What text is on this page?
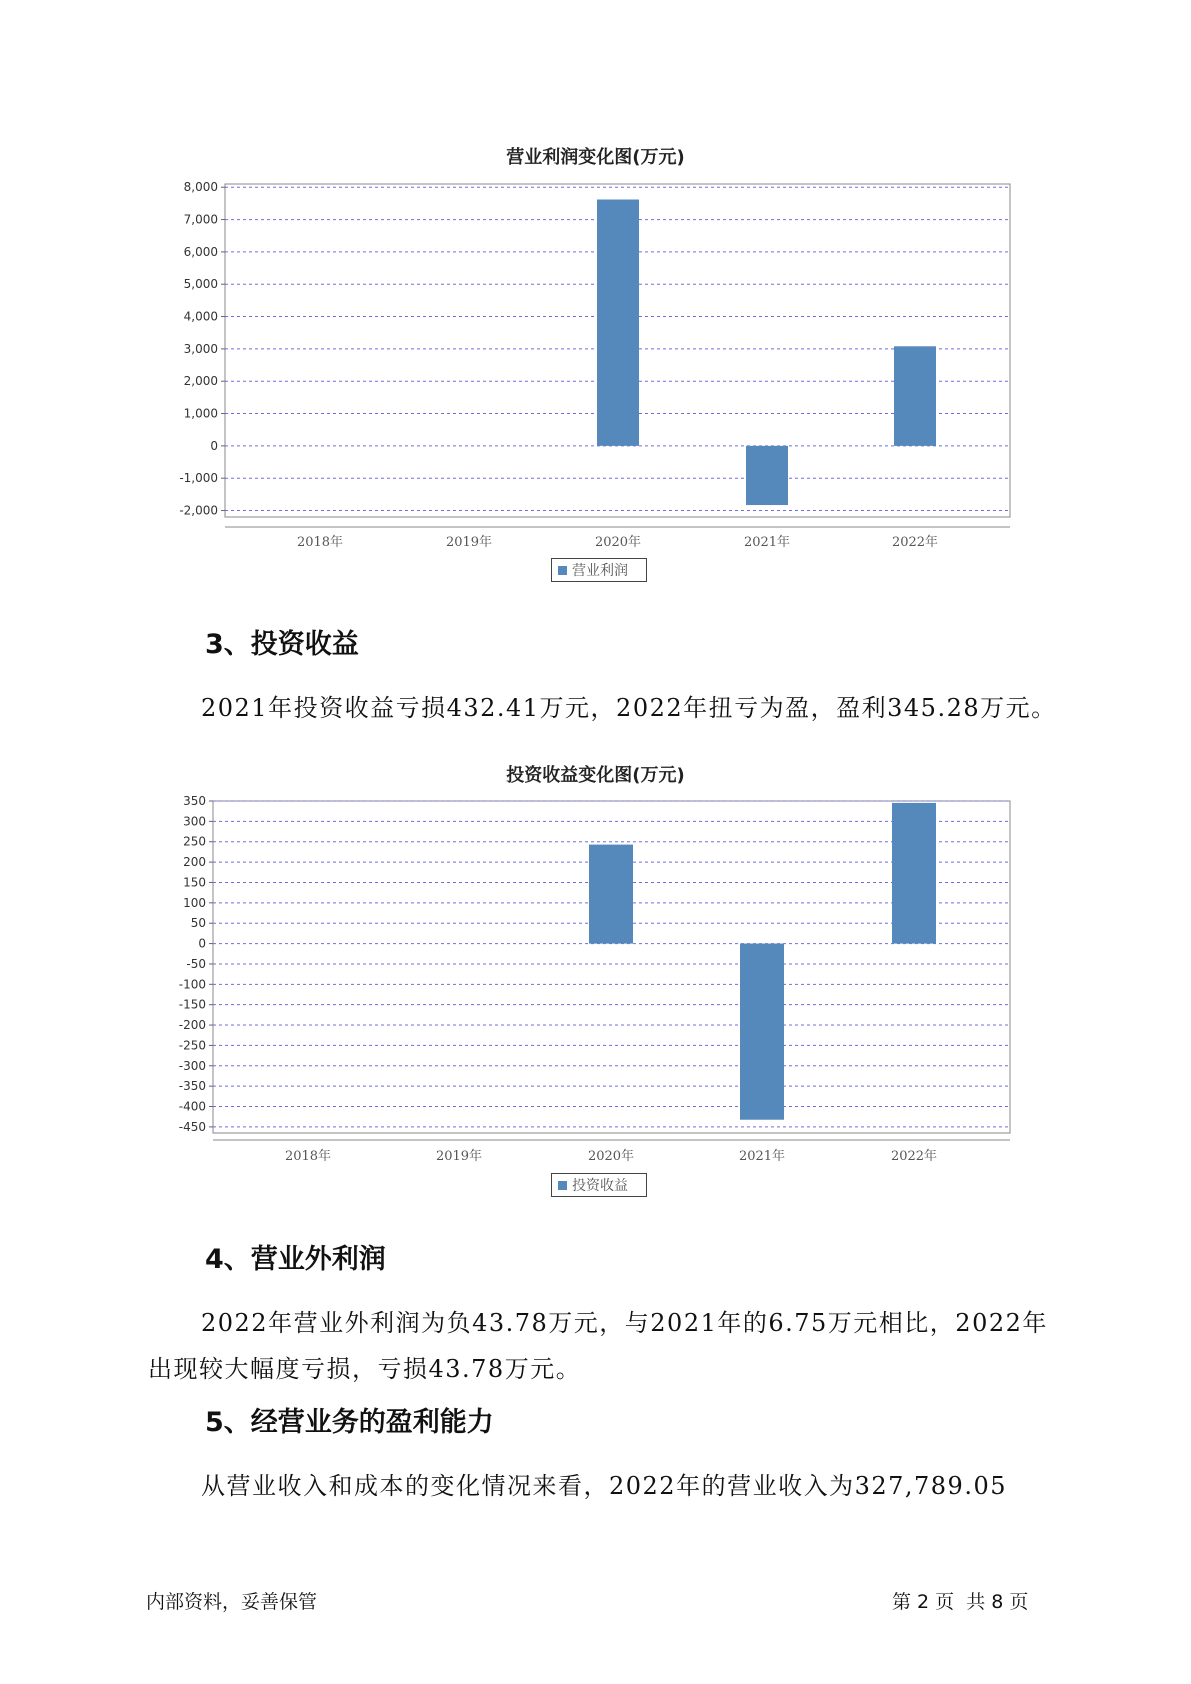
营业利润变化图(万元)
8,000
7,000
6,000
5,000
4,000
3,000
2,000
1,000
0
-1,000
-2,000
2018年	2019年	2020年	2021年	2022年
营业利润
3、投资收益
2021年投资收益亏损432.41万元，2022年扭亏为盈，盈利345.28万元。
投资收益变化图(万元)
350
300
250
200
150
100
50
0
-50
-100
-150
-200
-250
-300
-350
-400
-450
2018年	2019年	2020年	2021年	2022年
投资收益
4、营业外利润
2022年营业外利润为负43.78万元，与2021年的6.75万元相比，2022年
出现较大幅度亏损，亏损43.78万元。
5、经营业务的盈利能力
从营业收入和成本的变化情况来看，2022年的营业收入为327,789.05
内部资料，妥善保管	第 2 页  共 8 页
